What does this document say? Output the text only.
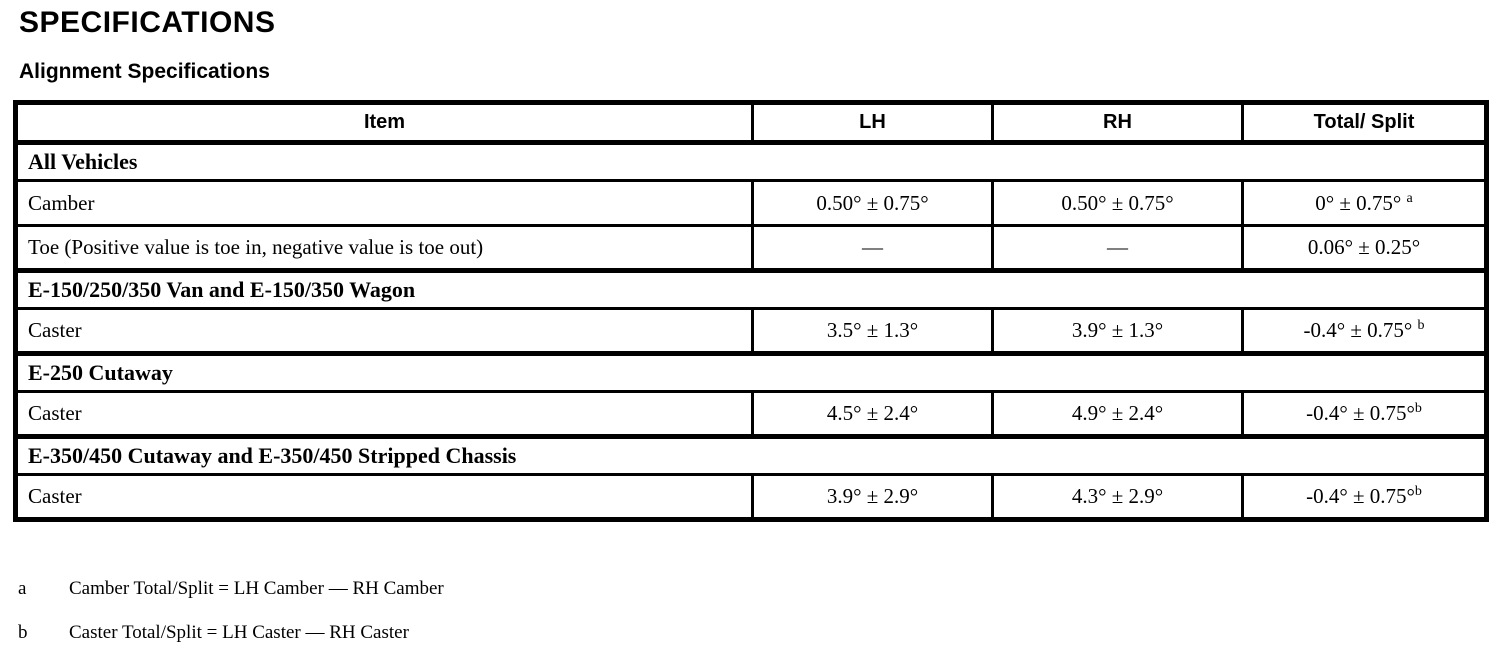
SPECIFICATIONS
Alignment Specifications
Item	LH	RH	Total/ Split
All Vehicles			
Camber	0.50° ± 0.75°	0.50° ± 0.75°	0° ± 0.75° $^a$
Toe (Positive value is toe in, negative value is toe out)	—	—	0.06° ± 0.25°
E-150/250/350 Van and E-150/350 Wagon			
Caster	3.5° ± 1.3°	3.9° ± 1.3°	-0.4° ± 0.75° $^b$
E-250 Cutaway			
Caster	4.5° ± 2.4°	4.9° ± 2.4°	-0.4° ± 0.75°$^b$
E-350/450 Cutaway and E-350/450 Stripped Chassis			
Caster	3.9° ± 2.9°	4.3° ± 2.9°	-0.4° ± 0.75°$^b$
a	Camber Total/Split = LH Camber — RH Camber
b	Caster Total/Split = LH Caster — RH Caster
